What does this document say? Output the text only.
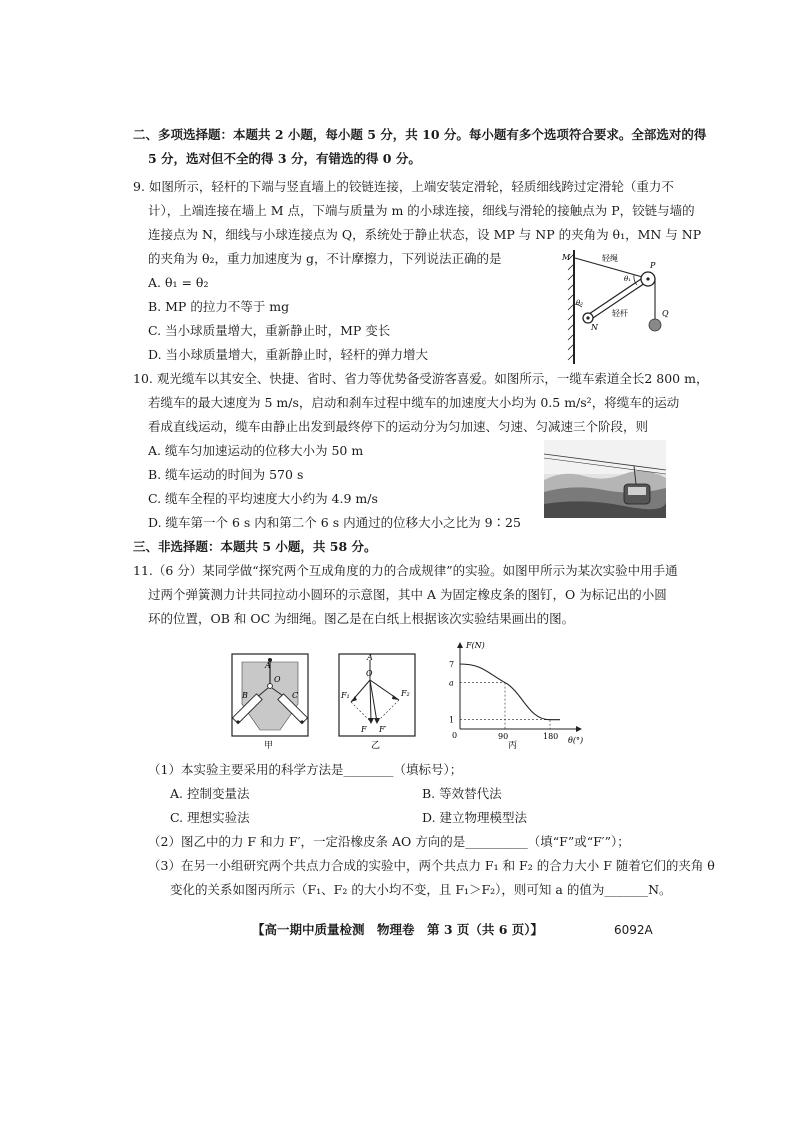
二、多项选择题：本题共 2 小题，每小题 5 分，共 10 分。每小题有多个选项符合要求。全部选对的得
5 分，选对但不全的得 3 分，有错选的得 0 分。
9. 如图所示，轻杆的下端与竖直墙上的铰链连接，上端安装定滑轮，轻质细线跨过定滑轮（重力不
计），上端连接在墙上 M 点，下端与质量为 m 的小球连接，细线与滑轮的接触点为 P，铰链与墙的
连接点为 N，细线与小球连接点为 Q，系统处于静止状态，设 MP 与 NP 的夹角为 θ₁，MN 与 NP
的夹角为 θ₂，重力加速度为 g，不计摩擦力，下列说法正确的是
A. θ₁ = θ₂
B. MP 的拉力不等于 mg
C. 当小球质量增大，重新静止时，MP 变长
D. 当小球质量增大，重新静止时，轻杆的弹力增大
M
P
N
Q
θ₁
θ₂
轻绳
轻杆
10. 观光缆车以其安全、快捷、省时、省力等优势备受游客喜爱。如图所示，一缆车索道全长2 800 m，
若缆车的最大速度为 5 m/s，启动和刹车过程中缆车的加速度大小均为 0.5 m/s²，将缆车的运动
看成直线运动，缆车由静止出发到最终停下的运动分为匀加速、匀速、匀减速三个阶段，则
A. 缆车匀加速运动的位移大小为 50 m
B. 缆车运动的时间为 570 s
C. 缆车全程的平均速度大小约为 4.9 m/s
D. 缆车第一个 6 s 内和第二个 6 s 内通过的位移大小之比为 9∶25
三、非选择题：本题共 5 小题，共 58 分。
11.（6 分）某同学做“探究两个互成角度的力的合成规律”的实验。如图甲所示为某次实验中用手通
过两个弹簧测力计共同拉动小圆环的示意图，其中 A 为固定橡皮条的图钉，O 为标记出的小圆
环的位置，OB 和 OC 为细绳。图乙是在白纸上根据该次实验结果画出的图。
A
O
B	C
甲
A
O
F₁	F₂
F F′
乙
F(N)
θ(°)
0
7
a
1
90	180
丙
（1）本实验主要采用的科学方法是________（填标号）；
A. 控制变量法	B. 等效替代法
C. 理想实验法	D. 建立物理模型法
（2）图乙中的力 F 和力 F′，一定沿橡皮条 AO 方向的是__________（填“F”或“F′”）；
（3）在另一小组研究两个共点力合成的实验中，两个共点力 F₁ 和 F₂ 的合力大小 F 随着它们的夹角 θ
变化的关系如图丙所示（F₁、F₂ 的大小均不变，且 F₁＞F₂），则可知 a 的值为_______N。
【高一期中质量检测　物理卷　第 3 页（共 6 页）】	6092A
